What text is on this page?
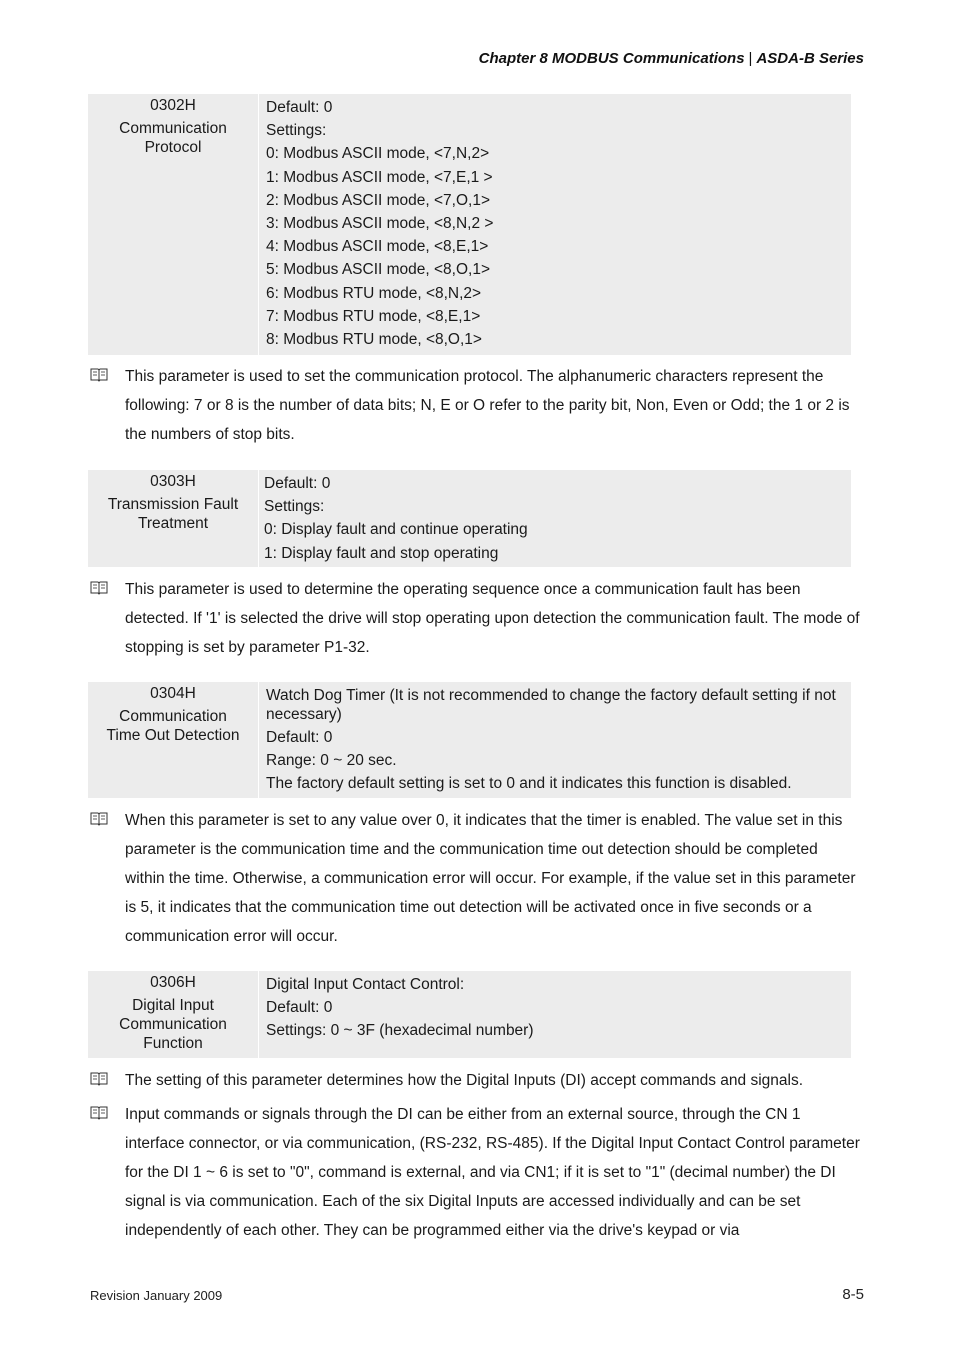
Chapter 8 MODBUS Communications | ASDA-B Series
0302H
Communication Protocol
Default: 0
Settings:
0: Modbus ASCII mode, <7,N,2>
1: Modbus ASCII mode, <7,E,1 >
2: Modbus ASCII mode, <7,O,1>
3: Modbus ASCII mode, <8,N,2 >
4: Modbus ASCII mode, <8,E,1>
5: Modbus ASCII mode, <8,O,1>
6: Modbus RTU mode, <8,N,2>
7: Modbus RTU mode, <8,E,1>
8: Modbus RTU mode, <8,O,1>
This parameter is used to set the communication protocol. The alphanumeric characters represent the following: 7 or 8 is the number of data bits; N, E or O refer to the parity bit, Non, Even or Odd; the 1 or 2 is the numbers of stop bits.
0303H
Transmission Fault Treatment
Default: 0
Settings:
0: Display fault and continue operating
1: Display fault and stop operating
This parameter is used to determine the operating sequence once a communication fault has been detected. If '1' is selected the drive will stop operating upon detection the communication fault. The mode of stopping is set by parameter P1-32.
0304H
Communication Time Out Detection
Watch Dog Timer (It is not recommended to change the factory default setting if not necessary)
Default: 0
Range: 0 ~ 20 sec.
The factory default setting is set to 0 and it indicates this function is disabled.
When this parameter is set to any value over 0, it indicates that the timer is enabled. The value set in this parameter is the communication time and the communication time out detection should be completed within the time. Otherwise, a communication error will occur. For example, if the value set in this parameter is 5, it indicates that the communication time out detection will be activated once in five seconds or a communication error will occur.
0306H
Digital Input Communication Function
Digital Input Contact Control:
Default: 0
Settings: 0 ~ 3F (hexadecimal number)
The setting of this parameter determines how the Digital Inputs (DI) accept commands and signals.
Input commands or signals through the DI can be either from an external source, through the CN 1 interface connector, or via communication, (RS-232, RS-485). If the Digital Input Contact Control parameter for the DI 1 ~ 6 is set to "0", command is external, and via CN1; if it is set to "1" (decimal number) the DI signal is via communication. Each of the six Digital Inputs are accessed individually and can be set independently of each other. They can be programmed either via the drive's keypad or via
Revision January 2009	8-5
